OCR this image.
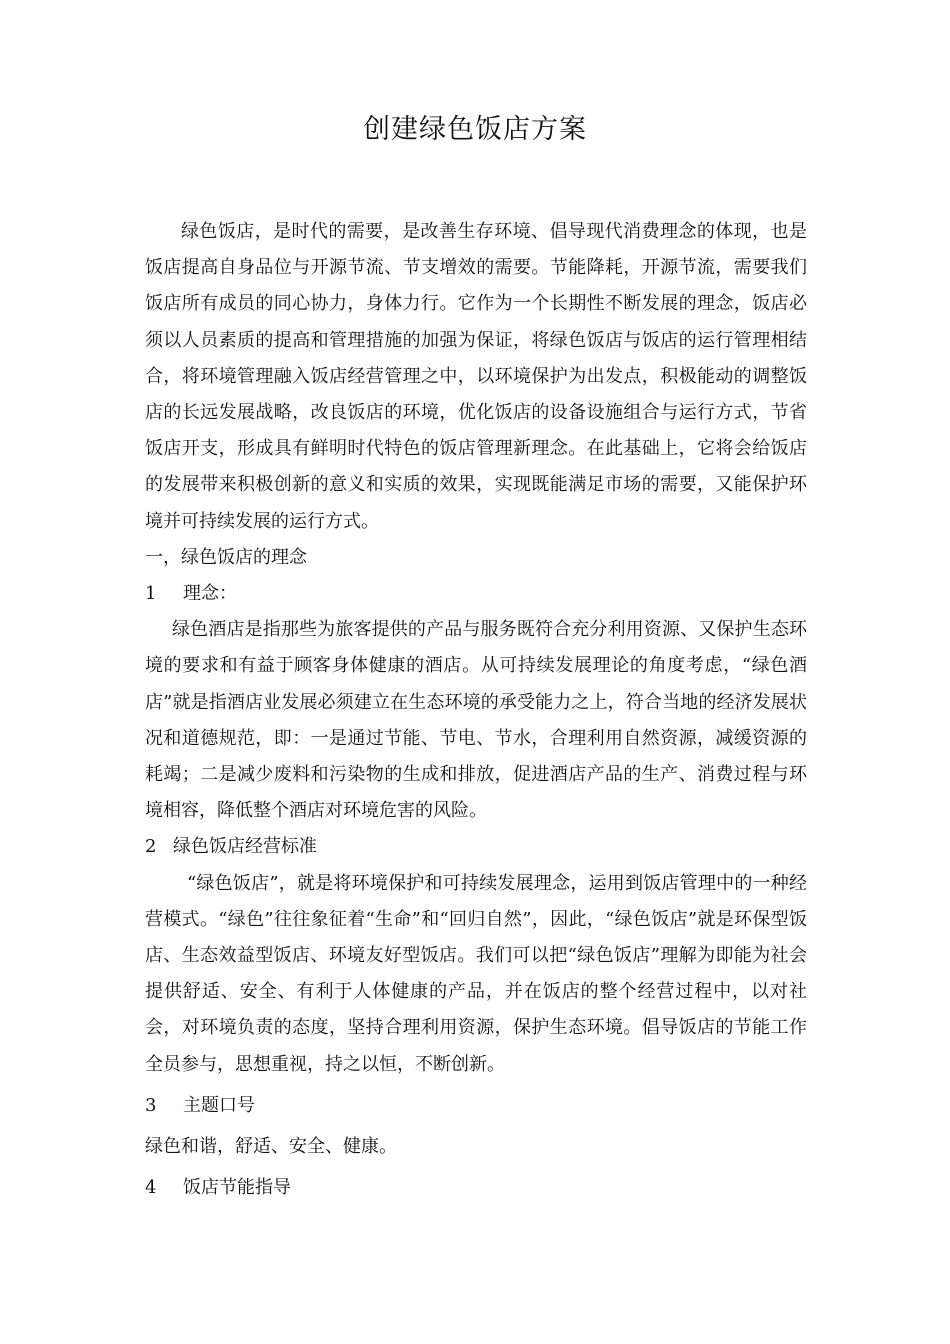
创建绿色饭店方案

绿色饭店，是时代的需要，是改善生存环境、倡导现代消费理念的体现，也是饭店提高自身品位与开源节流、节支增效的需要。节能降耗，开源节流，需要我们饭店所有成员的同心协力，身体力行。它作为一个长期性不断发展的理念，饭店必须以人员素质的提高和管理措施的加强为保证，将绿色饭店与饭店的运行管理相结合，将环境管理融入饭店经营管理之中，以环境保护为出发点，积极能动的调整饭店的长远发展战略，改良饭店的环境，优化饭店的设备设施组合与运行方式，节省饭店开支，形成具有鲜明时代特色的饭店管理新理念。在此基础上，它将会给饭店的发展带来积极创新的意义和实质的效果，实现既能满足市场的需要，又能保护环境并可持续发展的运行方式。

一，绿色饭店的理念

1 理念：

绿色酒店是指那些为旅客提供的产品与服务既符合充分利用资源、又保护生态环境的要求和有益于顾客身体健康的酒店。从可持续发展理论的角度考虑，“绿色酒店”就是指酒店业发展必须建立在生态环境的承受能力之上，符合当地的经济发展状况和道德规范，即：一是通过节能、节电、节水，合理利用自然资源，减缓资源的耗竭；二是减少废料和污染物的生成和排放，促进酒店产品的生产、消费过程与环境相容，降低整个酒店对环境危害的风险。

2 绿色饭店经营标准

“绿色饭店”，就是将环境保护和可持续发展理念，运用到饭店管理中的一种经营模式。“绿色”往往象征着“生命”和“回归自然”，因此，“绿色饭店”就是环保型饭店、生态效益型饭店、环境友好型饭店。我们可以把“绿色饭店”理解为即能为社会提供舒适、安全、有利于人体健康的产品，并在饭店的整个经营过程中，以对社会，对环境负责的态度，坚持合理利用资源，保护生态环境。倡导饭店的节能工作全员参与，思想重视，持之以恒，不断创新。

3 主题口号

绿色和谐，舒适、安全、健康。

4 饭店节能指导
